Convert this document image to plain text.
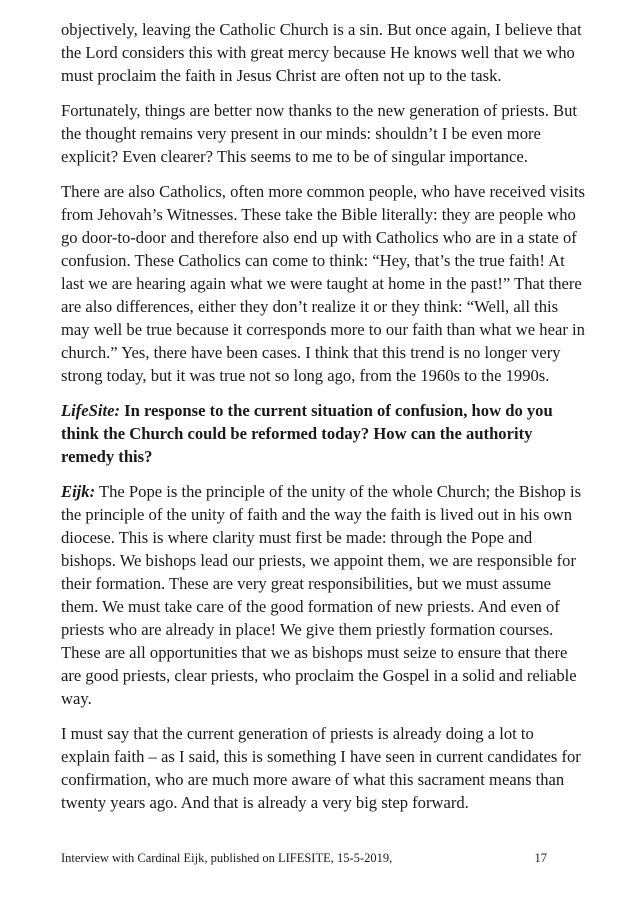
objectively, leaving the Catholic Church is a sin. But once again, I believe that the Lord considers this with great mercy because He knows well that we who must proclaim the faith in Jesus Christ are often not up to the task.

Fortunately, things are better now thanks to the new generation of priests. But the thought remains very present in our minds: shouldn’t I be even more explicit? Even clearer? This seems to me to be of singular importance.

There are also Catholics, often more common people, who have received visits from Jehovah’s Witnesses. These take the Bible literally: they are people who go door-to-door and therefore also end up with Catholics who are in a state of confusion. These Catholics can come to think: “Hey, that’s the true faith! At last we are hearing again what we were taught at home in the past!” That there are also differences, either they don’t realize it or they think: “Well, all this may well be true because it corresponds more to our faith than what we hear in church.” Yes, there have been cases. I think that this trend is no longer very strong today, but it was true not so long ago, from the 1960s to the 1990s.

LifeSite: In response to the current situation of confusion, how do you think the Church could be reformed today? How can the authority remedy this?

Eijk: The Pope is the principle of the unity of the whole Church; the Bishop is the principle of the unity of faith and the way the faith is lived out in his own diocese. This is where clarity must first be made: through the Pope and bishops. We bishops lead our priests, we appoint them, we are responsible for their formation. These are very great responsibilities, but we must assume them. We must take care of the good formation of new priests. And even of priests who are already in place! We give them priestly formation courses. These are all opportunities that we as bishops must seize to ensure that there are good priests, clear priests, who proclaim the Gospel in a solid and reliable way.

I must say that the current generation of priests is already doing a lot to explain faith – as I said, this is something I have seen in current candidates for confirmation, who are much more aware of what this sacrament means than twenty years ago. And that is already a very big step forward.

Interview with Cardinal Eijk, published on LIFESITE, 15-5-2019,	17
